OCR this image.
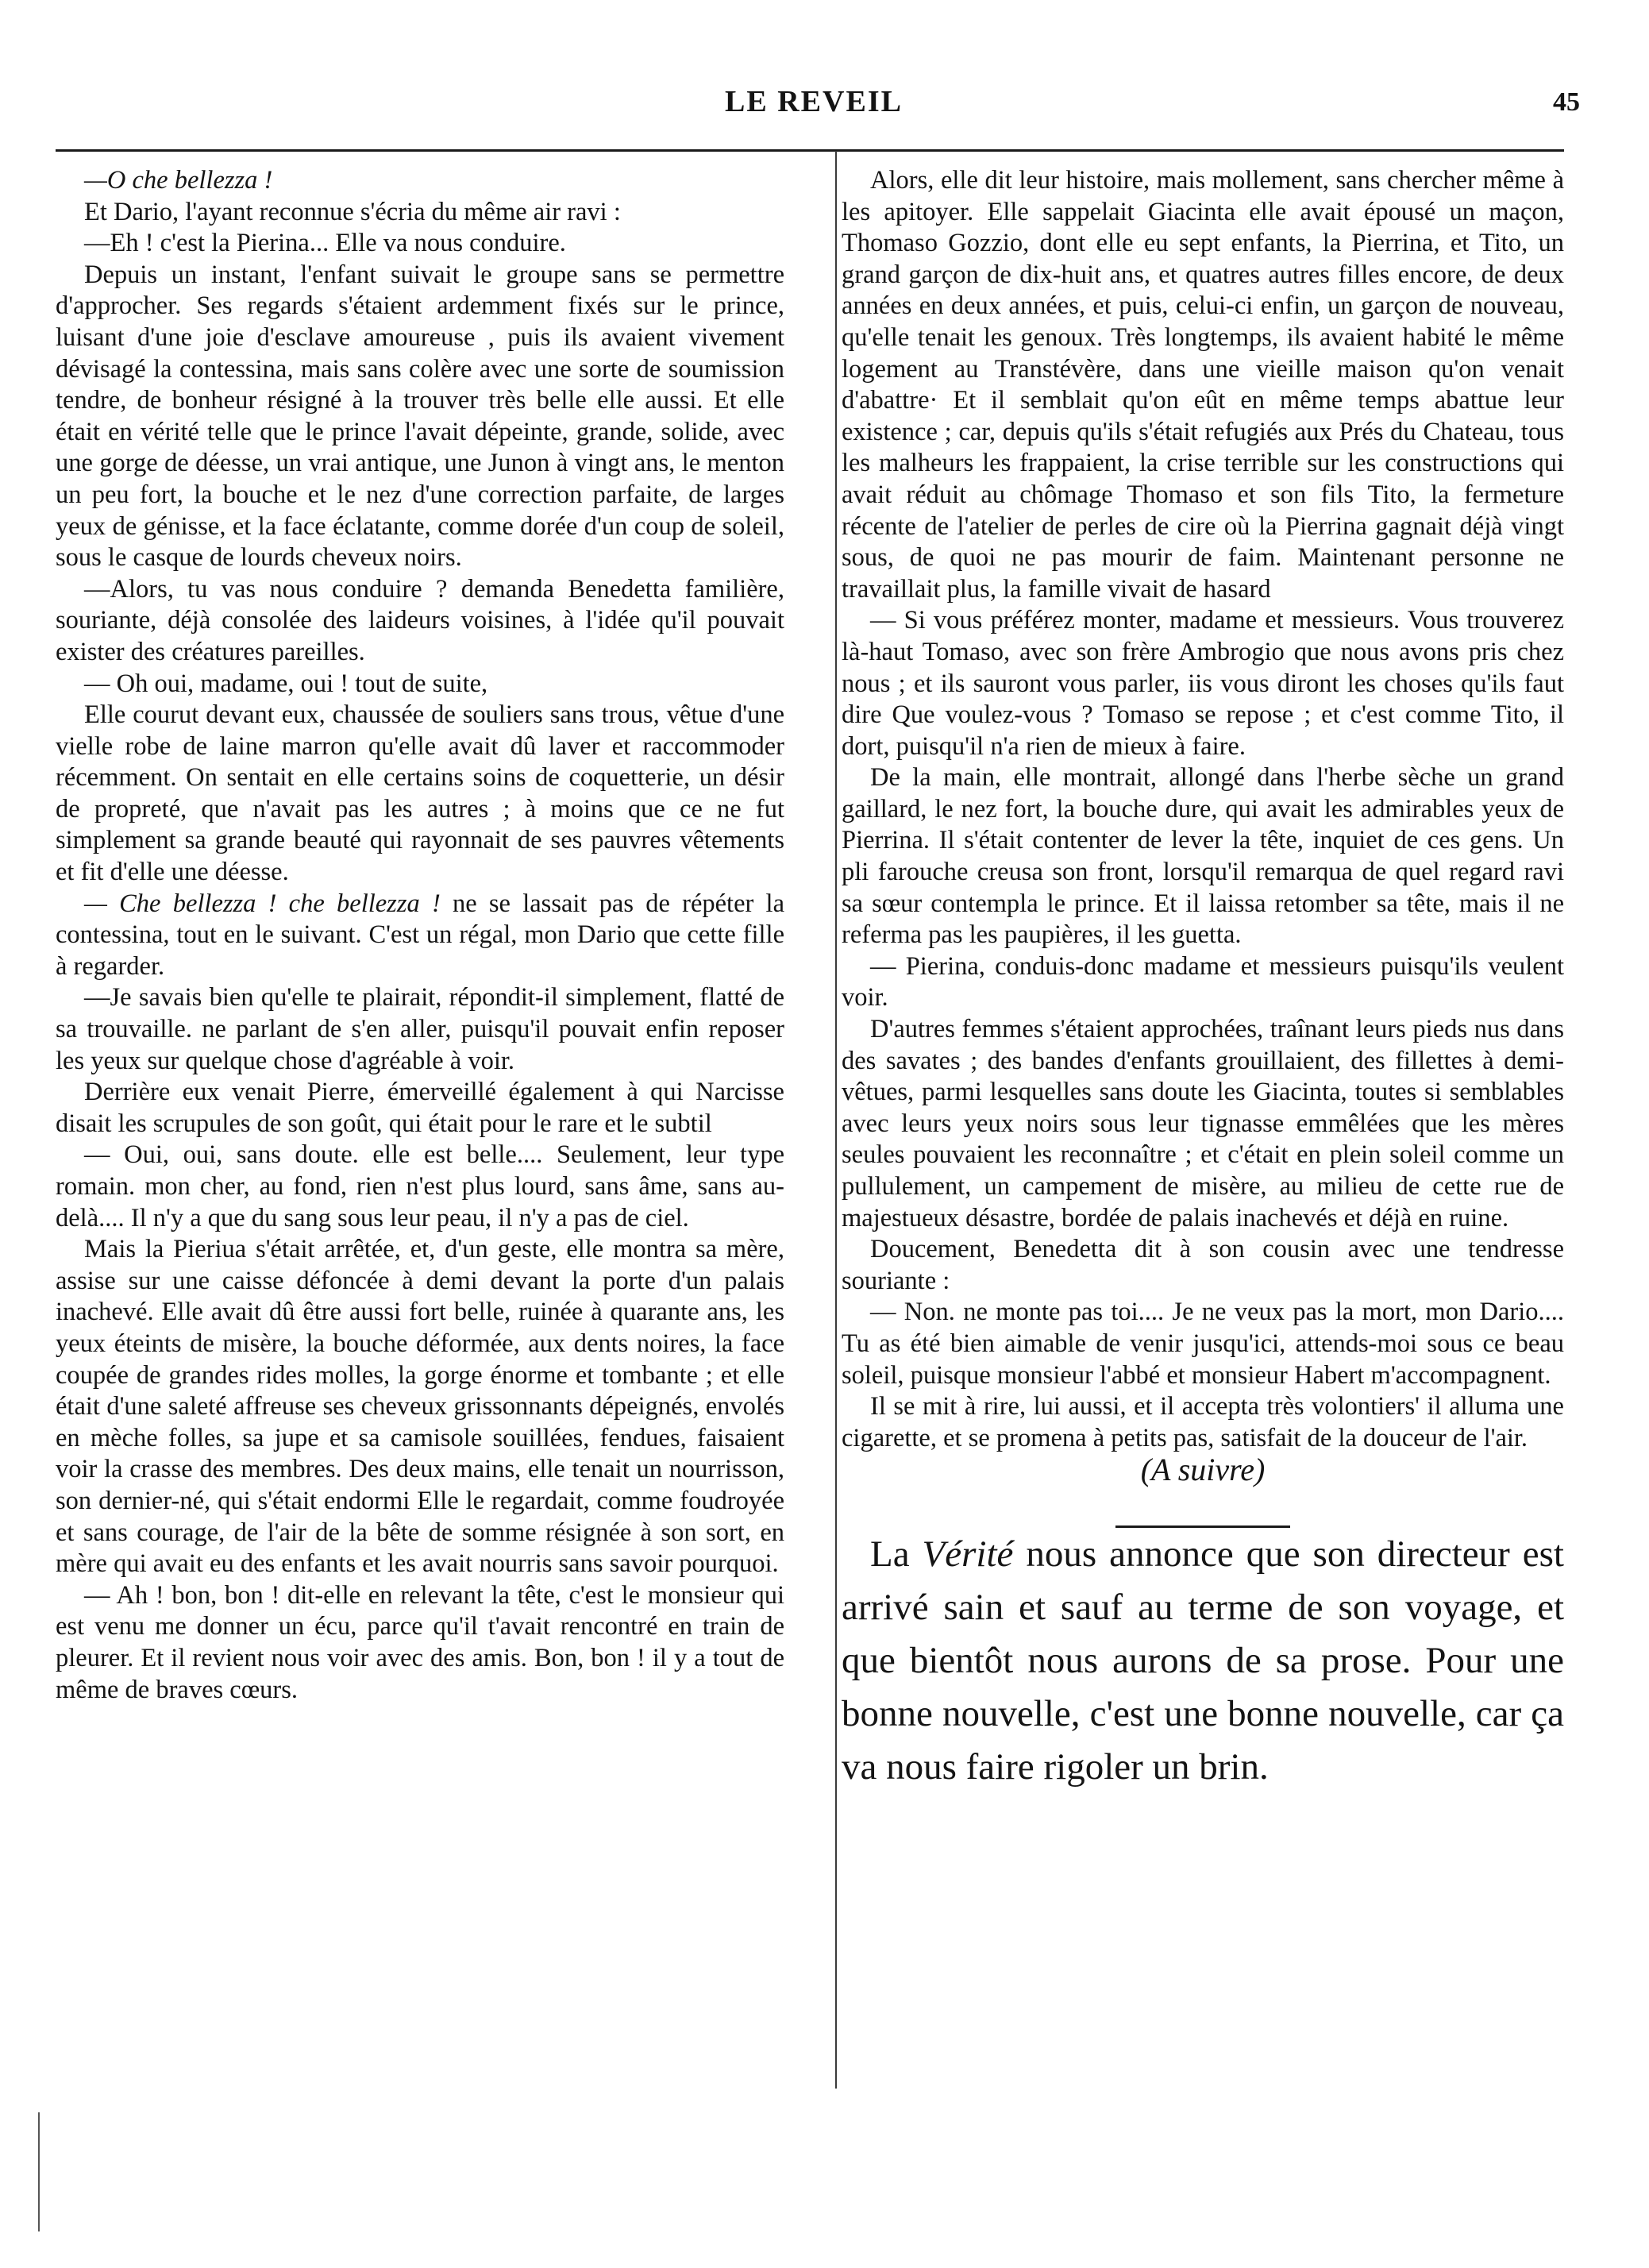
LE REVEIL	45

—O che bellezza !

Et Dario, l'ayant reconnue s'écria du même air ravi :

—Eh ! c'est la Pierina... Elle va nous conduire.

Depuis un instant, l'enfant suivait le groupe sans se permettre d'approcher. Ses regards s'étaient ardemment fixés sur le prince, luisant d'une joie d'esclave amoureuse , puis ils avaient vivement dévisagé la contessina, mais sans colère avec une sorte de soumission tendre, de bonheur résigné à la trouver très belle elle aussi. Et elle était en vérité telle que le prince l'avait dépeinte, grande, solide, avec une gorge de déesse, un vrai antique, une Junon à vingt ans, le menton un peu fort, la bouche et le nez d'une correction parfaite, de larges yeux de génisse, et la face éclatante, comme dorée d'un coup de soleil, sous le casque de lourds cheveux noirs.

—Alors, tu vas nous conduire ? demanda Benedetta familière, souriante, déjà consolée des laideurs voisines, à l'idée qu'il pouvait exister des créatures pareilles.

— Oh oui, madame, oui ! tout de suite,

Elle courut devant eux, chaussée de souliers sans trous, vêtue d'une vielle robe de laine marron qu'elle avait dû laver et raccommoder récemment. On sentait en elle certains soins de coquetterie, un désir de propreté, que n'avait pas les autres ; à moins que ce ne fut simplement sa grande beauté qui rayonnait de ses pauvres vêtements et fit d'elle une déesse.

— Che bellezza ! che bellezza ! ne se lassait pas de répéter la contessina, tout en le suivant. C'est un régal, mon Dario que cette fille à regarder.

—Je savais bien qu'elle te plairait, répondit-il simplement, flatté de sa trouvaille. ne parlant de s'en aller, puisqu'il pouvait enfin reposer les yeux sur quelque chose d'agréable à voir.

Derrière eux venait Pierre, émerveillé également à qui Narcisse disait les scrupules de son goût, qui était pour le rare et le subtil

— Oui, oui, sans doute. elle est belle.... Seulement, leur type romain. mon cher, au fond, rien n'est plus lourd, sans âme, sans au-delà.... Il n'y a que du sang sous leur peau, il n'y a pas de ciel.

Mais la Pieriua s'était arrêtée, et, d'un geste, elle montra sa mère, assise sur une caisse défoncée à demi devant la porte d'un palais inachevé. Elle avait dû être aussi fort belle, ruinée à quarante ans, les yeux éteints de misère, la bouche déformée, aux dents noires, la face coupée de grandes rides molles, la gorge énorme et tombante ; et elle était d'une saleté affreuse ses cheveux grissonnants dépeignés, envolés en mèche folles, sa jupe et sa camisole souillées, fendues, faisaient voir la crasse des membres. Des deux mains, elle tenait un nourrisson, son dernier-né, qui s'était endormi Elle le regardait, comme foudroyée et sans courage, de l'air de la bête de somme résignée à son sort, en mère qui avait eu des enfants et les avait nourris sans savoir pourquoi.

— Ah ! bon, bon ! dit-elle en relevant la tête, c'est le monsieur qui est venu me donner un écu, parce qu'il t'avait rencontré en train de pleurer. Et il revient nous voir avec des amis. Bon, bon ! il y a tout de même de braves cœurs.

Alors, elle dit leur histoire, mais mollement, sans chercher même à les apitoyer. Elle sappelait Giacinta elle avait épousé un maçon, Thomaso Gozzio, dont elle eu sept enfants, la Pierrina, et Tito, un grand garçon de dix-huit ans, et quatres autres filles encore, de deux années en deux années, et puis, celui-ci enfin, un garçon de nouveau, qu'elle tenait les genoux. Très longtemps, ils avaient habité le même logement au Transtévère, dans une vieille maison qu'on venait d'abattre· Et il semblait qu'on eût en même temps abattue leur existence ; car, depuis qu'ils s'était refugiés aux Prés du Chateau, tous les malheurs les frappaient, la crise terrible sur les constructions qui avait réduit au chômage Thomaso et son fils Tito, la fermeture récente de l'atelier de perles de cire où la Pierrina gagnait déjà vingt sous, de quoi ne pas mourir de faim. Maintenant personne ne travaillait plus, la famille vivait de hasard

— Si vous préférez monter, madame et messieurs. Vous trouverez là-haut Tomaso, avec son frère Ambrogio que nous avons pris chez nous ; et ils sauront vous parler, iis vous diront les choses qu'ils faut dire Que voulez-vous ? Tomaso se repose ; et c'est comme Tito, il dort, puisqu'il n'a rien de mieux à faire.

De la main, elle montrait, allongé dans l'herbe sèche un grand gaillard, le nez fort, la bouche dure, qui avait les admirables yeux de Pierrina. Il s'était contenter de lever la tête, inquiet de ces gens. Un pli farouche creusa son front, lorsqu'il remarqua de quel regard ravi sa sœur contempla le prince. Et il laissa retomber sa tête, mais il ne referma pas les paupières, il les guetta.

— Pierina, conduis-donc madame et messieurs puisqu'ils veulent voir.

D'autres femmes s'étaient approchées, traînant leurs pieds nus dans des savates ; des bandes d'enfants grouillaient, des fillettes à demi-vêtues, parmi lesquelles sans doute les Giacinta, toutes si semblables avec leurs yeux noirs sous leur tignasse emmêlées que les mères seules pouvaient les reconnaître ; et c'était en plein soleil comme un pullulement, un campement de misère, au milieu de cette rue de majestueux désastre, bordée de palais inachevés et déjà en ruine.

Doucement, Benedetta dit à son cousin avec une tendresse souriante :

— Non. ne monte pas toi.... Je ne veux pas la mort, mon Dario.... Tu as été bien aimable de venir jusqu'ici, attends-moi sous ce beau soleil, puisque monsieur l'abbé et monsieur Habert m'accompagnent.

Il se mit à rire, lui aussi, et il accepta très volontiers' il alluma une cigarette, et se promena à petits pas, satisfait de la douceur de l'air.

(A suivre)

La Vérité nous annonce que son directeur est arrivé sain et sauf au terme de son voyage, et que bientôt nous aurons de sa prose. Pour une bonne nouvelle, c'est une bonne nouvelle, car ça va nous faire rigoler un brin.
